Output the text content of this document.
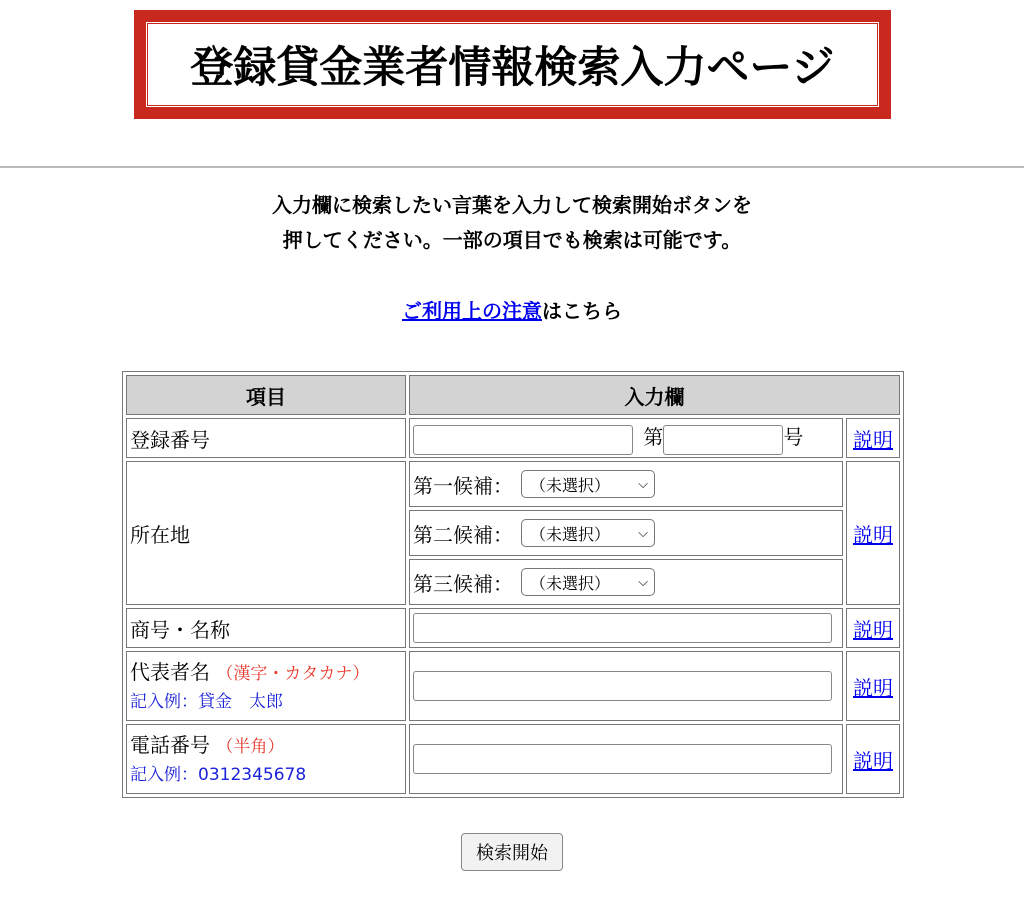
登録貸金業者情報検索入力ページ
入力欄に検索したい言葉を入力して検索開始ボタンを
押してください。一部の項目でも検索は可能です。
ご利用上の注意はこちら
項目	入力欄	
登録番号	第 号	説明
所在地	第一候補： （未選択） ⌵	説明

	第二候補： （未選択） ⌵	

	第三候補： （未選択） ⌵	

商号・名称		説明

代表者名 （漢字・カタカナ）
記入例：貸金　太郎		説明

電話番号 （半角）
記入例：0312345678		説明
検索開始
